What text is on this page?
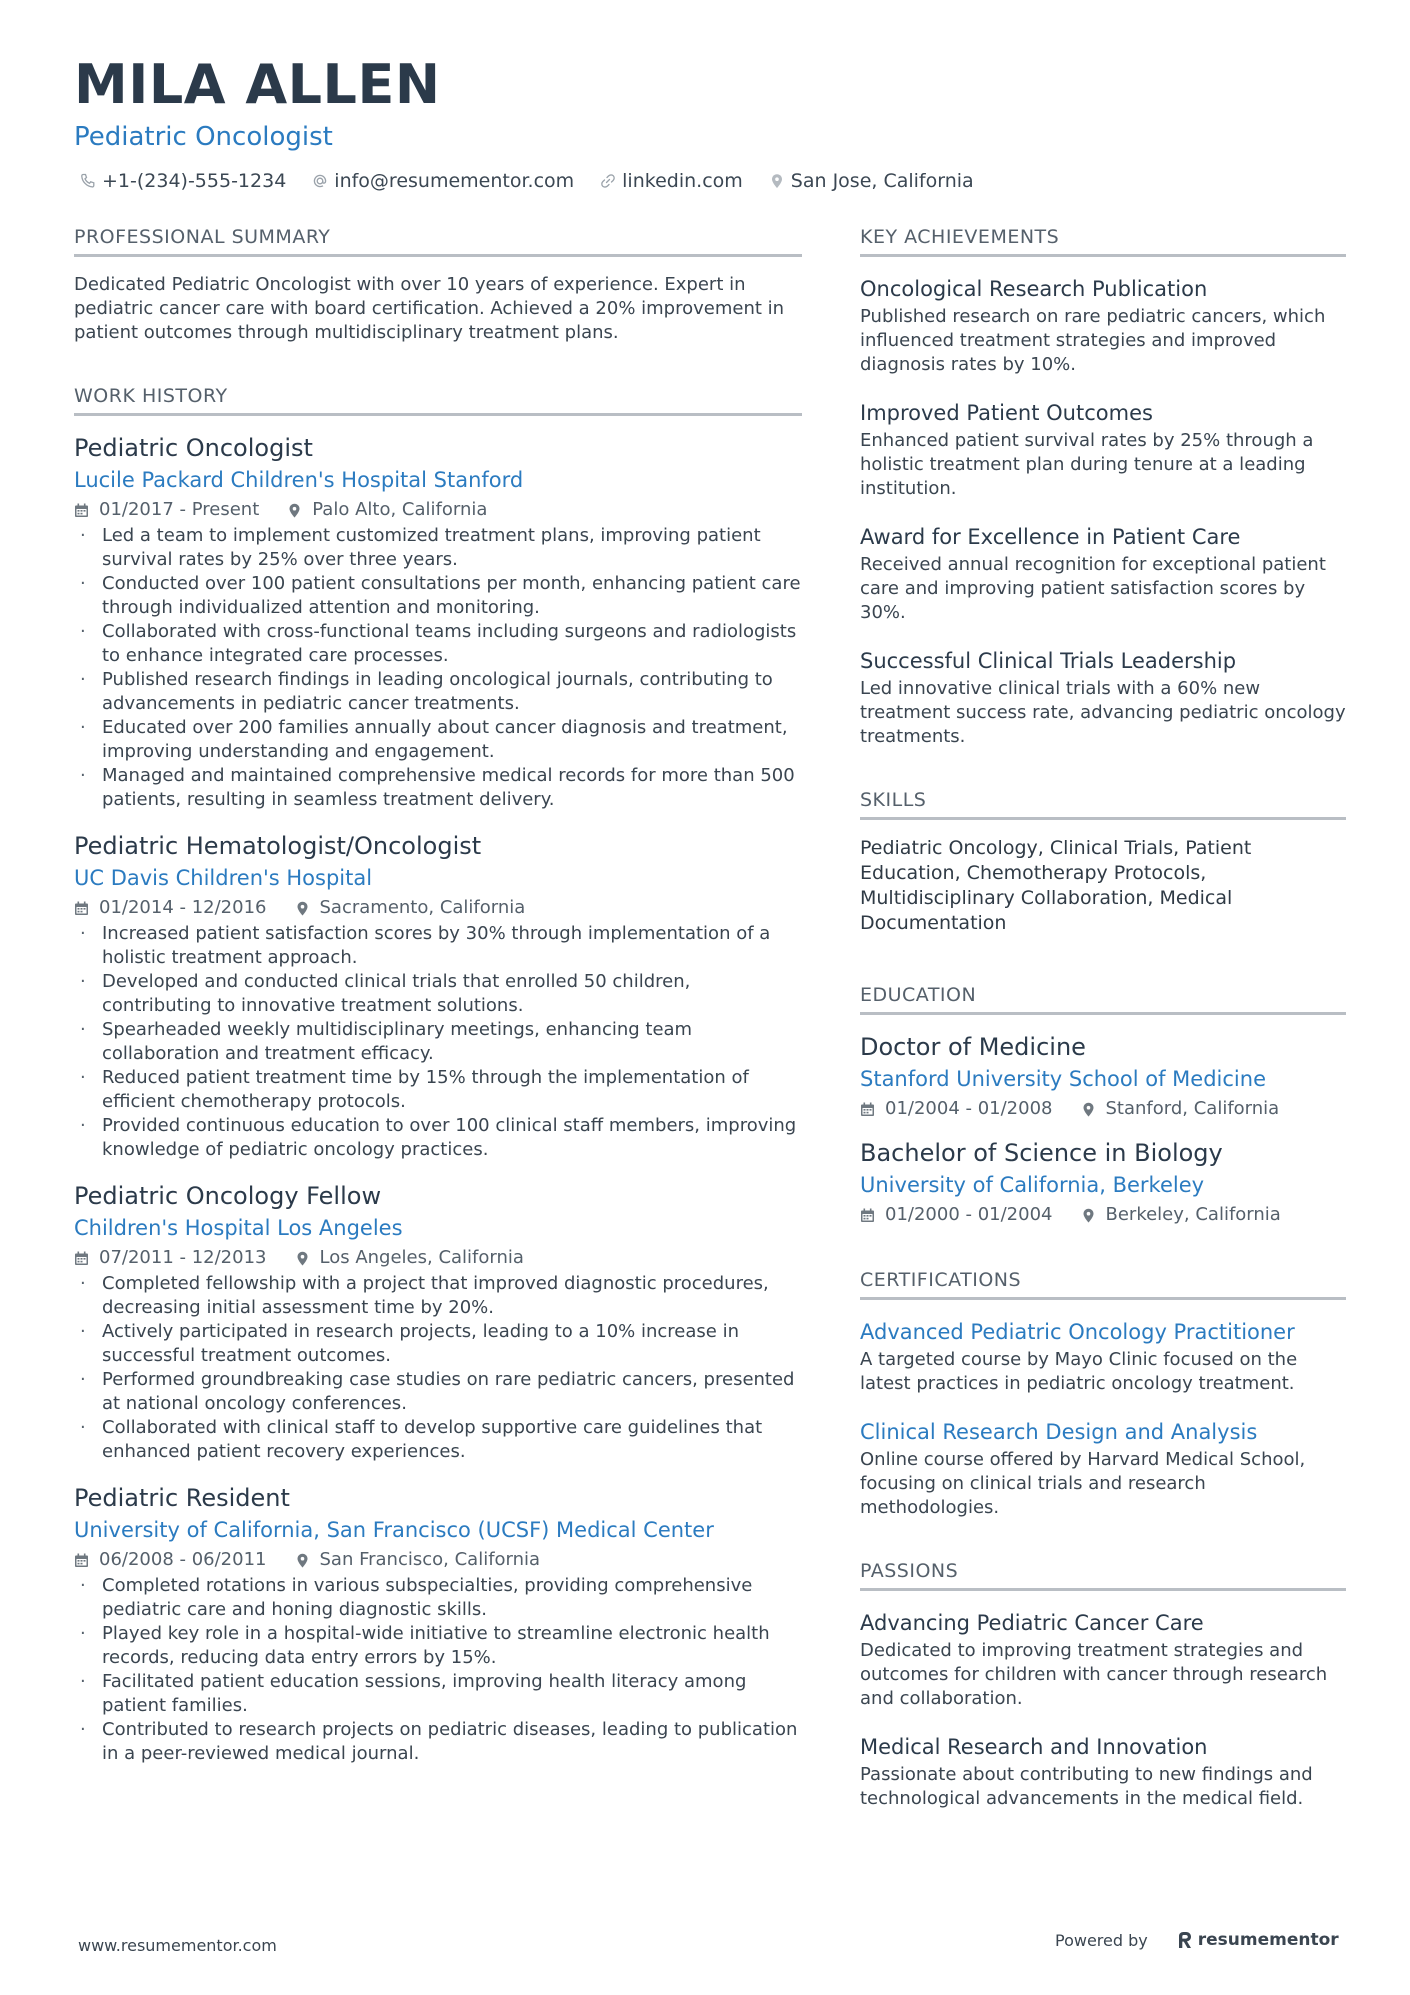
MILA ALLEN
Pediatric Oncologist
+1-(234)-555-1234	info@resumementor.com	linkedin.com	San Jose, California
PROFESSIONAL SUMMARY
Dedicated Pediatric Oncologist with over 10 years of experience. Expert in pediatric cancer care with board certification. Achieved a 20% improvement in patient outcomes through multidisciplinary treatment plans.
WORK HISTORY
Pediatric Oncologist
Lucile Packard Children's Hospital Stanford
01/2017 - Present	Palo Alto, California
· Led a team to implement customized treatment plans, improving patient survival rates by 25% over three years.
· Conducted over 100 patient consultations per month, enhancing patient care through individualized attention and monitoring.
· Collaborated with cross-functional teams including surgeons and radiologists to enhance integrated care processes.
· Published research findings in leading oncological journals, contributing to advancements in pediatric cancer treatments.
· Educated over 200 families annually about cancer diagnosis and treatment, improving understanding and engagement.
· Managed and maintained comprehensive medical records for more than 500 patients, resulting in seamless treatment delivery.
Pediatric Hematologist/Oncologist
UC Davis Children's Hospital
01/2014 - 12/2016	Sacramento, California
· Increased patient satisfaction scores by 30% through implementation of a holistic treatment approach.
· Developed and conducted clinical trials that enrolled 50 children, contributing to innovative treatment solutions.
· Spearheaded weekly multidisciplinary meetings, enhancing team collaboration and treatment efficacy.
· Reduced patient treatment time by 15% through the implementation of efficient chemotherapy protocols.
· Provided continuous education to over 100 clinical staff members, improving knowledge of pediatric oncology practices.
Pediatric Oncology Fellow
Children's Hospital Los Angeles
07/2011 - 12/2013	Los Angeles, California
· Completed fellowship with a project that improved diagnostic procedures, decreasing initial assessment time by 20%.
· Actively participated in research projects, leading to a 10% increase in successful treatment outcomes.
· Performed groundbreaking case studies on rare pediatric cancers, presented at national oncology conferences.
· Collaborated with clinical staff to develop supportive care guidelines that enhanced patient recovery experiences.
Pediatric Resident
University of California, San Francisco (UCSF) Medical Center
06/2008 - 06/2011	San Francisco, California
· Completed rotations in various subspecialties, providing comprehensive pediatric care and honing diagnostic skills.
· Played key role in a hospital-wide initiative to streamline electronic health records, reducing data entry errors by 15%.
· Facilitated patient education sessions, improving health literacy among patient families.
· Contributed to research projects on pediatric diseases, leading to publication in a peer-reviewed medical journal.
KEY ACHIEVEMENTS
Oncological Research Publication
Published research on rare pediatric cancers, which influenced treatment strategies and improved diagnosis rates by 10%.
Improved Patient Outcomes
Enhanced patient survival rates by 25% through a holistic treatment plan during tenure at a leading institution.
Award for Excellence in Patient Care
Received annual recognition for exceptional patient care and improving patient satisfaction scores by 30%.
Successful Clinical Trials Leadership
Led innovative clinical trials with a 60% new treatment success rate, advancing pediatric oncology treatments.
SKILLS
Pediatric Oncology, Clinical Trials, Patient Education, Chemotherapy Protocols, Multidisciplinary Collaboration, Medical Documentation
EDUCATION
Doctor of Medicine
Stanford University School of Medicine
01/2004 - 01/2008	Stanford, California
Bachelor of Science in Biology
University of California, Berkeley
01/2000 - 01/2004	Berkeley, California
CERTIFICATIONS
Advanced Pediatric Oncology Practitioner
A targeted course by Mayo Clinic focused on the latest practices in pediatric oncology treatment.
Clinical Research Design and Analysis
Online course offered by Harvard Medical School, focusing on clinical trials and research methodologies.
PASSIONS
Advancing Pediatric Cancer Care
Dedicated to improving treatment strategies and outcomes for children with cancer through research and collaboration.
Medical Research and Innovation
Passionate about contributing to new findings and technological advancements in the medical field.
www.resumementor.com	Powered by	resumementor
